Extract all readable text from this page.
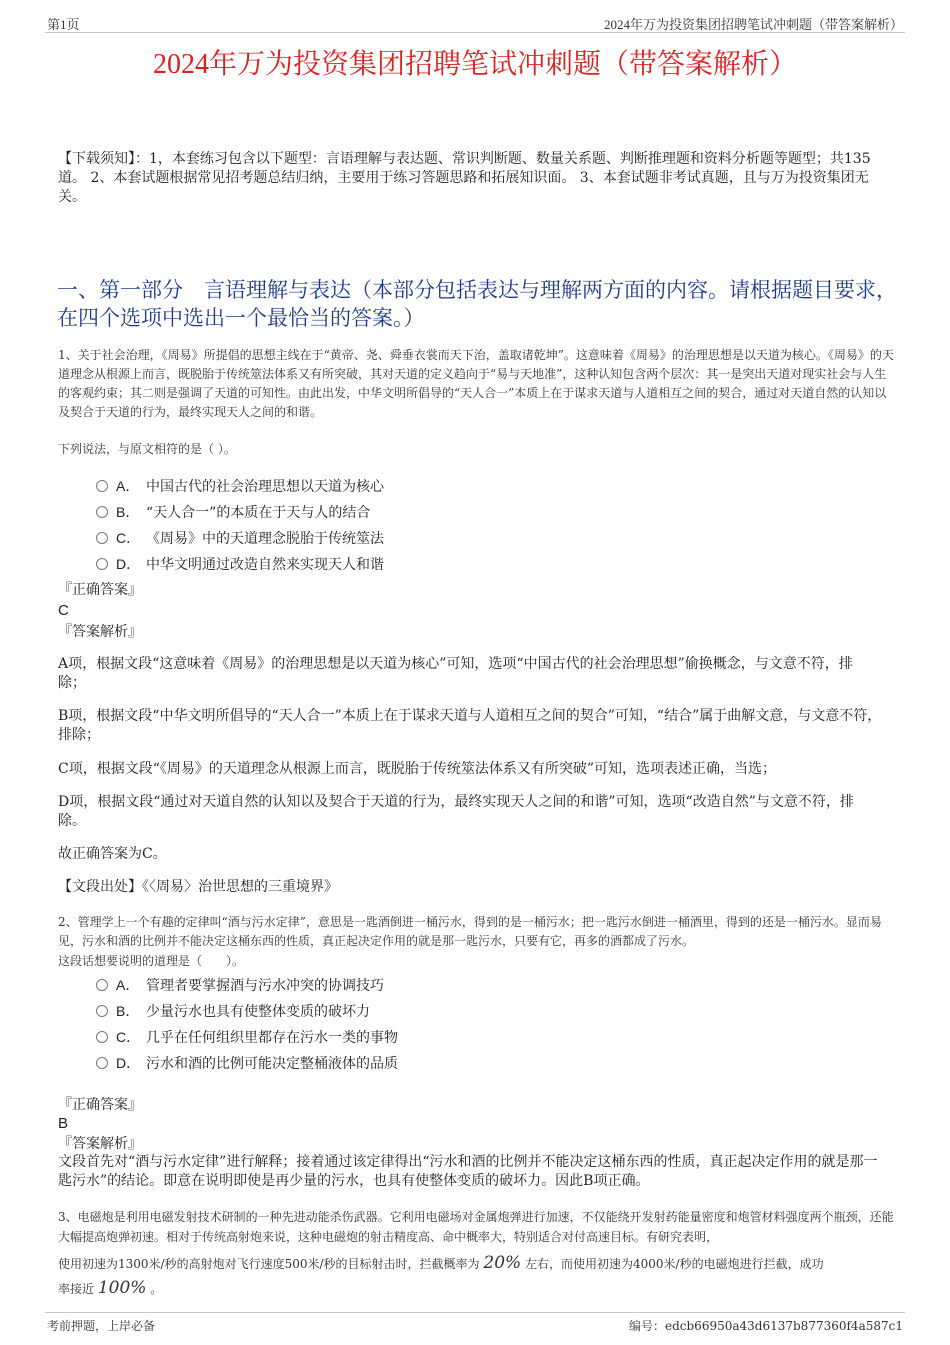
第1页	2024年万为投资集团招聘笔试冲刺题（带答案解析）
2024年万为投资集团招聘笔试冲刺题（带答案解析）
【下载须知】：1，本套练习包含以下题型：言语理解与表达题、常识判断题、数量关系题、判断推理题和资料分析题等题型；共135道。 2、本套试题根据常见招考题总结归纳，主要用于练习答题思路和拓展知识面。 3、本套试题非考试真题，且与万为投资集团无关。
一、第一部分　言语理解与表达（本部分包括表达与理解两方面的内容。请根据题目要求，在四个选项中选出一个最恰当的答案。）
1、关于社会治理，《周易》所提倡的思想主线在于“黄帝、尧、舜垂衣裳而天下治，盖取诸乾坤”。这意味着《周易》的治理思想是以天道为核心。《周易》的天道理念从根源上而言，既脱胎于传统筮法体系又有所突破，其对天道的定义趋向于“易与天地准”，这种认知包含两个层次：其一是突出天道对现实社会与人生的客观约束；其二则是强调了天道的可知性。由此出发，中华文明所倡导的“天人合一”本质上在于谋求天道与人道相互之间的契合，通过对天道自然的认知以及契合于天道的行为，最终实现天人之间的和谐。
下列说法，与原文相符的是（ ）。
A． 中国古代的社会治理思想以天道为核心
B． “天人合一”的本质在于天与人的结合
C． 《周易》中的天道理念脱胎于传统筮法
D． 中华文明通过改造自然来实现天人和谐
『正确答案』
C
『答案解析』
A项，根据文段“这意味着《周易》的治理思想是以天道为核心”可知，选项“中国古代的社会治理思想”偷换概念，与文意不符，排除；
B项，根据文段“中华文明所倡导的“天人合一”本质上在于谋求天道与人道相互之间的契合”可知，“结合”属于曲解文意，与文意不符，排除；
C项，根据文段“《周易》的天道理念从根源上而言，既脱胎于传统筮法体系又有所突破”可知，选项表述正确，当选；
D项，根据文段“通过对天道自然的认知以及契合于天道的行为，最终实现天人之间的和谐”可知，选项“改造自然”与文意不符，排除。
故正确答案为C。
【文段出处】《〈周易〉治世思想的三重境界》
2、管理学上一个有趣的定律叫“酒与污水定律”，意思是一匙酒倒进一桶污水，得到的是一桶污水；把一匙污水倒进一桶酒里，得到的还是一桶污水。显而易见，污水和酒的比例并不能决定这桶东西的性质，真正起决定作用的就是那一匙污水，只要有它，再多的酒都成了污水。
这段话想要说明的道理是（　　）。
A． 管理者要掌握酒与污水冲突的协调技巧
B． 少量污水也具有使整体变质的破坏力
C． 几乎在任何组织里都存在污水一类的事物
D． 污水和酒的比例可能决定整桶液体的品质
『正确答案』
B
『答案解析』
文段首先对“酒与污水定律”进行解释；接着通过该定律得出“污水和酒的比例并不能决定这桶东西的性质，真正起决定作用的就是那一匙污水”的结论。即意在说明即使是再少量的污水，也具有使整体变质的破坏力。因此B项正确。
3、电磁炮是利用电磁发射技术研制的一种先进动能杀伤武器。它利用电磁场对金属炮弹进行加速，不仅能绕开发射药能量密度和炮管材料强度两个瓶颈，还能大幅提高炮弹初速。相对于传统高射炮来说，这种电磁炮的射击精度高、命中概率大，特别适合对付高速目标。有研究表明，
使用初速为1300米/秒的高射炮对飞行速度500米/秒的目标射击时，拦截概率为 20% 左右，而使用初速为4000米/秒的电磁炮进行拦截，成功
率接近 100% 。
考前押题，上岸必备	编号：edcb66950a43d6137b877360f4a587c1
